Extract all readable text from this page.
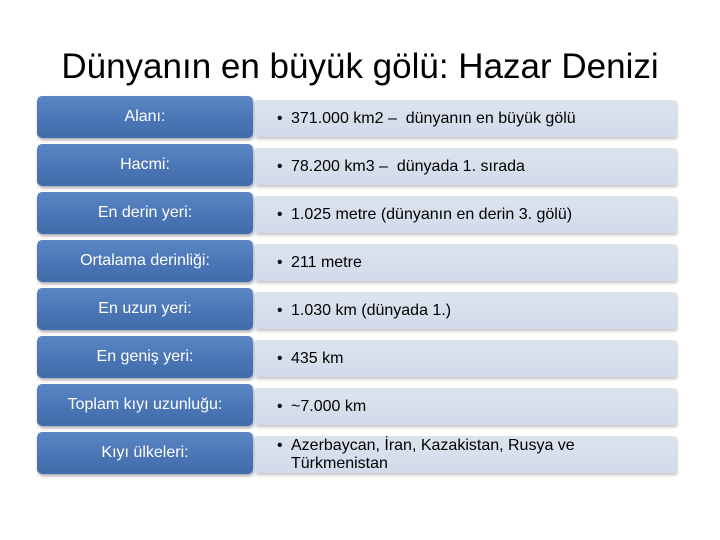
Dünyanın en büyük gölü: Hazar Denizi
Alanı:	• 371.000 km2 –  dünyanın en büyük gölü
Hacmi:	• 78.200 km3 –  dünyada 1. sırada
En derin yeri:	• 1.025 metre (dünyanın en derin 3. gölü)
Ortalama derinliği:	• 211 metre
En uzun yeri:	• 1.030 km (dünyada 1.)
En geniş yeri:	• 435 km
Toplam kıyı uzunluğu:	• ~7.000 km
Kıyı ülkeleri:	• Azerbaycan, İran, Kazakistan, Rusya ve
Türkmenistan
